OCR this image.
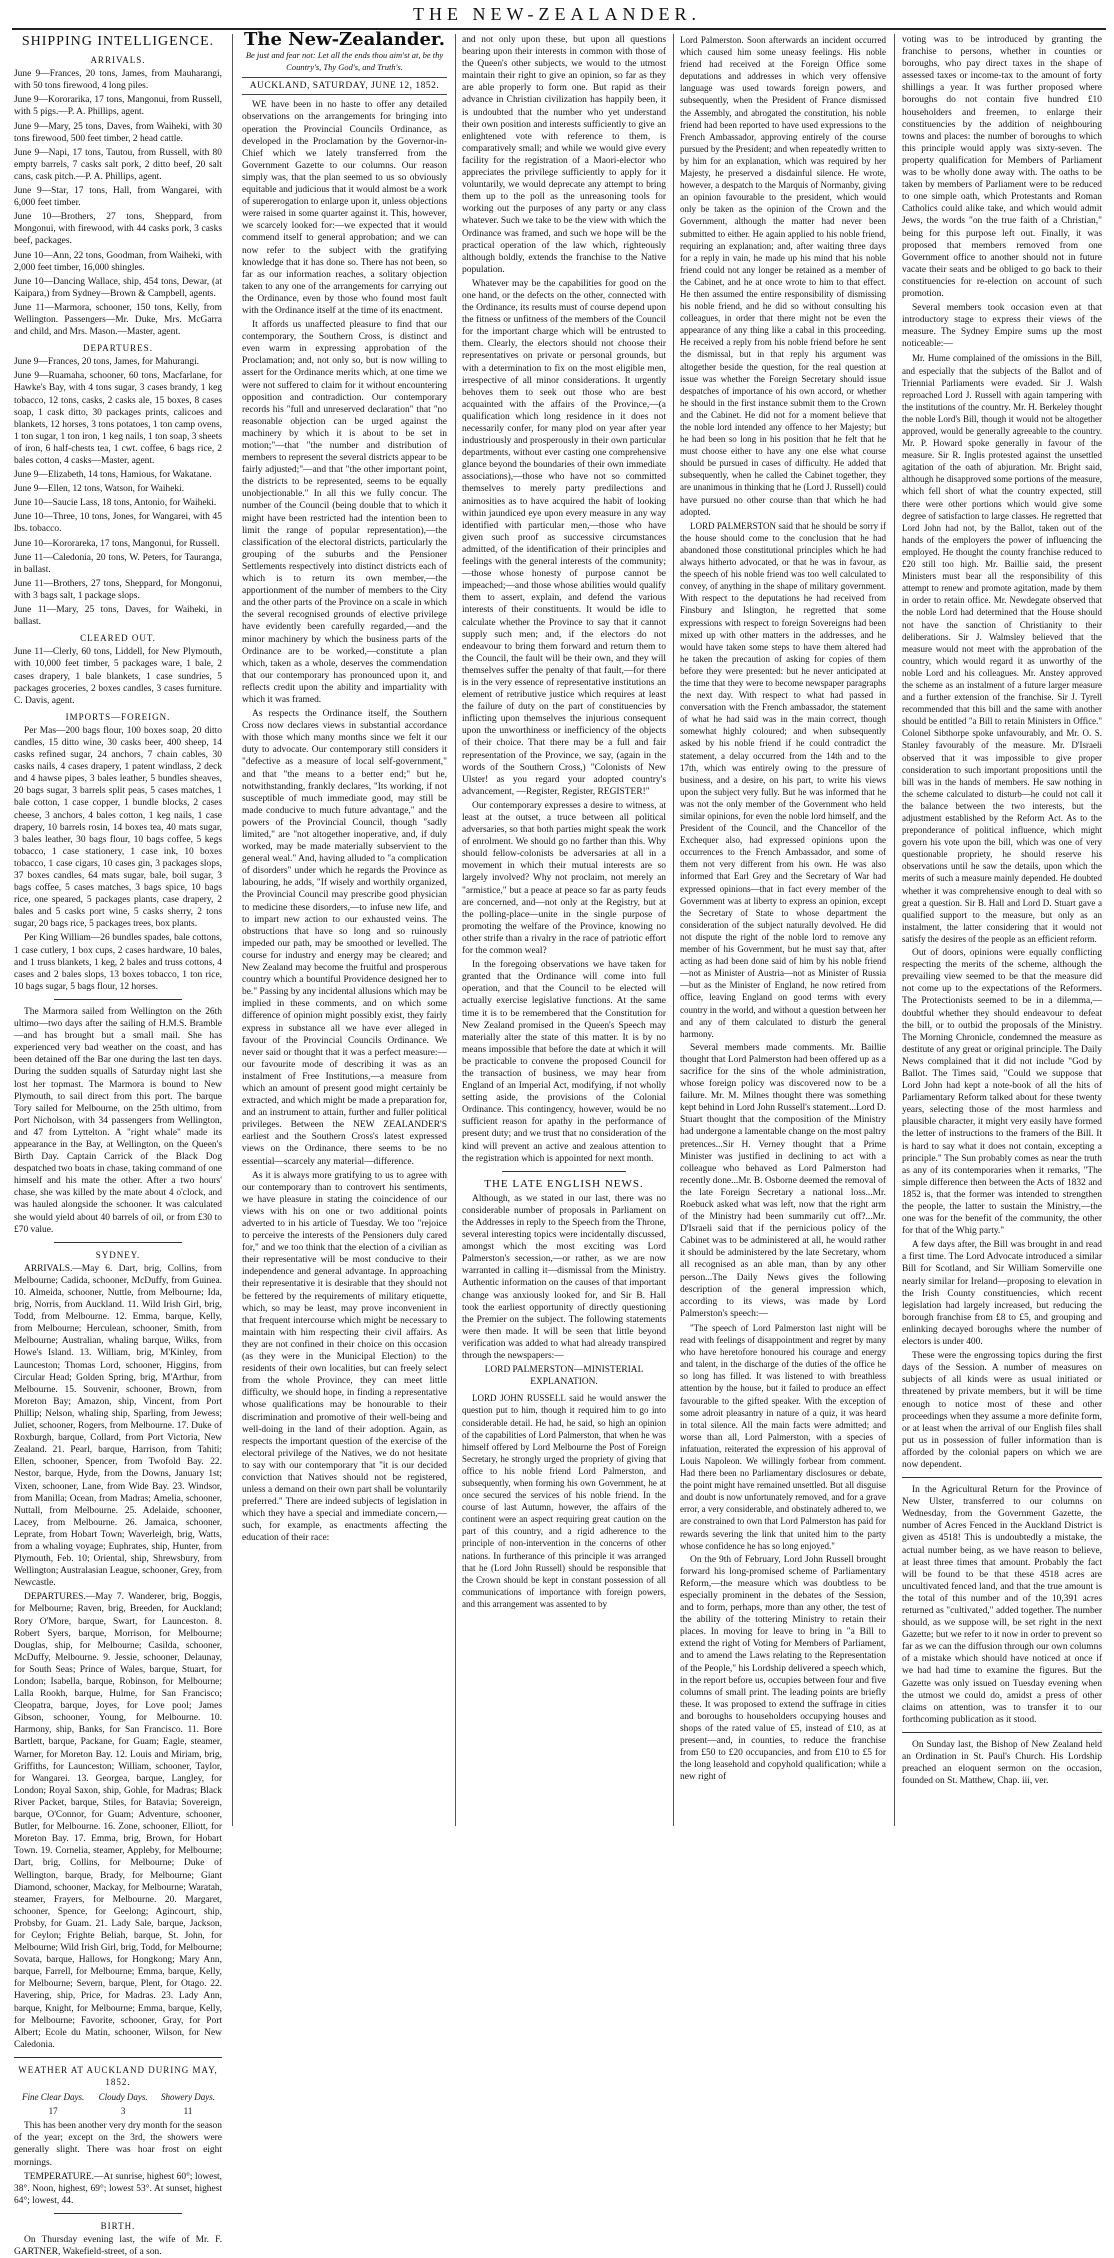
THE NEW-ZEALANDER.
SHIPPING INTELLIGENCE.
ARRIVALS.

June 9—Frances, 20 tons, James, from Mauharangi, with 50 tons firewood, 4 long piles.

June 9—Kororarika, 17 tons, Mangonui, from Russell, with 5 pigs.—P. A. Phillips, agent.

June 9—Mary, 25 tons, Daves, from Waiheki, with 30 tons firewood, 500 feet timber, 2 head cattle.

June 9—Napi, 17 tons, Tautou, from Russell, with 80 empty barrels, 7 casks salt pork, 2 ditto beef, 20 salt cans, cask pitch.—P. A. Phillips, agent.

June 9—Star, 17 tons, Hall, from Wangarei, with 6,000 feet timber.

June 10—Brothers, 27 tons, Sheppard, from Mongonui, with firewood, with 44 casks pork, 3 casks beef, packages.

June 10—Ann, 22 tons, Goodman, from Waiheki, with 2,000 feet timber, 16,000 shingles.

June 10—Dancing Wallace, ship, 454 tons, Dewar, (at Kaipara,) from Sydney—Brown & Campbell, agents.

June 11—Marmora, schooner, 150 tons, Kelly, from Wellington. Passengers—Mr. Duke, Mrs. McGarra and child, and Mrs. Mason.—Master, agent.

DEPARTURES.

June 9—Frances, 20 tons, James, for Mahurangi.

June 9—Ruamaha, schooner, 60 tons, Macfarlane, for Hawke's Bay, with 4 tons sugar, 3 cases brandy, 1 keg tobacco, 12 tons, casks, 2 casks ale, 15 boxes, 8 cases soap, 1 cask ditto, 30 packages prints, calicoes and blankets, 12 horses, 3 tons potatoes, 1 ton camp ovens, 1 ton sugar, 1 ton iron, 1 keg nails, 1 ton soap, 3 sheets of iron, 6 half-chests tea, 1 cwt. coffee, 6 bags rice, 2 bales cotton, 4 casks—Master, agent.

June 9—Elizabeth, 14 tons, Hamious, for Wakatane.

June 9—Ellen, 12 tons, Watson, for Waiheki.

June 10—Saucie Lass, 18 tons, Antonio, for Waiheki.

June 10—Three, 10 tons, Jones, for Wangarei, with 45 lbs. tobacco.

June 10—Kororareka, 17 tons, Mangonui, for Russell.

June 11—Caledonia, 20 tons, W. Peters, for Tauranga, in ballast.

June 11—Brothers, 27 tons, Sheppard, for Mongonui, with 3 bags salt, 1 package slops.

June 11—Mary, 25 tons, Daves, for Waiheki, in ballast.

CLEARED OUT.

June 11—Clerly, 60 tons, Liddell, for New Plymouth, with 10,000 feet timber, 5 packages ware, 1 bale, 2 cases drapery, 1 bale blankets, 1 case sundries, 5 packages groceries, 2 boxes candles, 3 cases furniture. C. Davis, agent.

IMPORTS—FOREIGN.

Per Mas—200 bags flour, 100 boxes soap, 20 ditto candles, 15 ditto wine, 30 casks beer, 400 sheep, 14 casks refined sugar, 24 anchors, 7 chain cables, 30 casks nails, 4 cases drapery, 1 patent windlass, 2 deck and 4 hawse pipes, 3 bales leather, 5 bundles sheaves, 20 bags sugar, 3 barrels split peas, 5 cases matches, 1 bale cotton, 1 case copper, 1 bundle blocks, 2 cases cheese, 3 anchors, 4 bales cotton, 1 keg nails, 1 case drapery, 10 barrels rosin, 14 boxes tea, 40 mats sugar, 3 bales leather, 30 bags flour, 10 bags coffee, 5 kegs tobacco, 1 case stationery, 1 case ink, 10 boxes tobacco, 1 case cigars, 10 cases gin, 3 packages slops, 37 boxes candles, 64 mats sugar, bale, boil sugar, 3 bags coffee, 5 cases matches, 3 bags spice, 10 bags rice, one speared, 5 packages plants, case drapery, 2 bales and 5 casks port wine, 5 casks sherry, 2 tons sugar, 20 bags rice, 5 packages trees, box plants.

Per King William—26 bundles spades, bale cottons, 1 case cutlery, 1 box cups, 2 cases hardware, 10 bales, and 1 truss blankets, 1 keg, 2 bales and truss cottons, 4 cases and 2 bales slops, 13 boxes tobacco, 1 ton rice, 10 bags sugar, 5 bags flour, 12 horses.

The Marmora sailed from Wellington on the 26th ultimo—two days after the sailing of H.M.S. Bramble —and has brought but a small mail. She has experienced very bad weather on the coast, and has been detained off the Bar one during the last ten days. During the sudden squalls of Saturday night last she lost her topmast. The Marmora is bound to New Plymouth, to sail direct from this port. The barque Tory sailed for Melbourne, on the 25th ultimo, from Port Nicholson, with 34 passengers from Wellington, and 47 from Lyttelton. A "right whale" made its appearance in the Bay, at Wellington, on the Queen's Birth Day. Captain Carrick of the Black Dog despatched two boats in chase, taking command of one himself and his mate the other. After a two hours' chase, she was killed by the mate about 4 o'clock, and was hauled alongside the schooner. It was calculated she would yield about 40 barrels of oil, or from £30 to £70 value.

SYDNEY.

ARRIVALS.—May 6. Dart, brig, Collins, from Melbourne; Cadida, schooner, McDuffy, from Guinea. 10. Almeida, schooner, Nuttle, from Melbourne; Ida, brig, Norris, from Auckland. 11. Wild Irish Girl, brig, Todd, from Melbourne. 12. Emma, barque, Kelly, from Melbourne; Herculean, schooner, Smith, from Melbourne; Australian, whaling barque, Wilks, from Howe's Island. 13. William, brig, M'Kinley, from Launceston; Thomas Lord, schooner, Higgins, from Circular Head; Golden Spring, brig, M'Arthur, from Melbourne. 15. Souvenir, schooner, Brown, from Moreton Bay; Amazon, ship, Vincent, from Port Phillip; Nelson, whaling ship, Sparling, from Jewess; Juliet, schooner, Rogers, from Melbourne. 17. Duke of Roxburgh, barque, Collard, from Port Victoria, New Zealand. 21. Pearl, barque, Harrison, from Tahiti; Ellen, schooner, Spencer, from Twofold Bay. 22. Nestor, barque, Hyde, from the Downs, January 1st; Vixen, schooner, Lane, from Wide Bay. 23. Windsor, from Manilla; Ocean, from Madras; Amelia, schooner, Nuttall, from Melbourne. 25. Adelaide, schooner, Lacey, from Melbourne. 26. Jamaica, schooner, Leprate, from Hobart Town; Waverleigh, brig, Watts, from a whaling voyage; Euphrates, ship, Hunter, from Plymouth, Feb. 10; Oriental, ship, Shrewsbury, from Wellington; Australasian League, schooner, Grey, from Newcastle.

DEPARTURES.—May 7. Wanderer, brig, Boggis, for Melbourne; Raven, brig, Breeden, for Auckland; Rory O'More, barque, Swart, for Launceston. 8. Robert Syers, barque, Morrison, for Melbourne; Douglas, ship, for Melbourne; Casilda, schooner, McDuffy, Melbourne. 9. Jessie, schooner, Delaunay, for South Seas; Prince of Wales, barque, Stuart, for London; Isabella, barque, Robinson, for Melbourne; Lalla Rookh, barque, Hulme, for San Francisco; Cleopatra, barque, Joyes, for Love pool; James Gibson, schooner, Young, for Melbourne. 10. Harmony, ship, Banks, for San Francisco. 11. Bore Bartlett, barque, Packane, for Guam; Eagle, steamer, Warner, for Moreton Bay. 12. Louis and Miriam, brig, Griffiths, for Launceston; William, schooner, Taylor, for Wangarei. 13. Georgea, barque, Langley, for London; Royal Saxon, ship, Gohle, for Madras; Black River Packet, barque, Stiles, for Batavia; Sovereign, barque, O'Connor, for Guam; Adventure, schooner, Butler, for Melbourne. 16. Zone, schooner, Elliott, for Moreton Bay. 17. Emma, brig, Brown, for Hobart Town. 19. Cornelia, steamer, Appleby, for Melbourne; Dart, brig, Collins, for Melbourne; Duke of Wellington, barque, Brady, for Melbourne; Giant Diamond, schooner, Mackay, for Melbourne; Waratah, steamer, Frayers, for Melbourne. 20. Margaret, schooner, Spence, for Geelong; Agincourt, ship, Probsby, for Guam. 21. Lady Sale, barque, Jackson, for Ceylon; Frighte Beliah, barque, St. John, for Melbourne; Wild Irish Girl, brig, Todd, for Melbourne; Sovata, barque, Hallows, for Hongkong; Mary Ann, barque, Farrell, for Melbourne; Emma, barque, Kelly, for Melbourne; Severn, barque, Plent, for Otago. 22. Havering, ship, Price, for Madras. 23. Lady Ann, barque, Knight, for Melbourne; Emma, barque, Kelly, for Melbourne; Favorite, schooner, Gray, for Port Albert; Ecole du Matin, schooner, Wilson, for New Caledonia.

WEATHER AT AUCKLAND DURING MAY, 1852.
Fine Clear Days.	Cloudy Days.	Showery Days.
17	3	11

This has been another very dry month for the season of the year; except on the 3rd, the showers were generally slight. There was hoar frost on eight mornings.

TEMPERATURE.—At sunrise, highest 60°; lowest, 38°. Noon, highest, 69°; lowest 53°. At sunset, highest 64°; lowest, 44.

BIRTH.

On Thursday evening last, the wife of Mr. F. GARTNER, Wakefield-street, of a son.

The New-Zealander.

Be just and fear not: Let all the ends thou aim'st at, be thy Country's, Thy God's, and Truth's.

AUCKLAND, SATURDAY, JUNE 12, 1852.

WE have been in no haste to offer any detailed observations on the arrangements for bringing into operation the Provincial Councils Ordinance, as developed in the Proclamation by the Governor-in-Chief which we lately transferred from the Government Gazette to our columns. Our reason simply was, that the plan seemed to us so obviously equitable and judicious that it would almost be a work of supererogation to enlarge upon it, unless objections were raised in some quarter against it. This, however, we scarcely looked for:—we expected that it would commend itself to general approbation; and we can now refer to the subject with the gratifying knowledge that it has done so. There has not been, so far as our information reaches, a solitary objection taken to any one of the arrangements for carrying out the Ordinance, even by those who found most fault with the Ordinance itself at the time of its enactment.

It affords us unaffected pleasure to find that our contemporary, the Southern Cross, is distinct and even warm in expressing approbation of the Proclamation; and, not only so, but is now willing to assert for the Ordinance merits which, at one time we were not suffered to claim for it without encountering opposition and contradiction. Our contemporary records his "full and unreserved declaration" that "no reasonable objection can be urged against the machinery by which it is about to be set in motion;"—that "the number and distribution of members to represent the several districts appear to be fairly adjusted;"—and that "the other important point, the districts to be represented, seems to be equally unobjectionable." In all this we fully concur. The number of the Council (being double that to which it might have been restricted had the intention been to limit the range of popular representation),—the classification of the electoral districts, particularly the grouping of the suburbs and the Pensioner Settlements respectively into distinct districts each of which is to return its own member,—the apportionment of the number of members to the City and the other parts of the Province on a scale in which the several recognised grounds of elective privilege have evidently been carefully regarded,—and the minor machinery by which the business parts of the Ordinance are to be worked,—constitute a plan which, taken as a whole, deserves the commendation that our contemporary has pronounced upon it, and reflects credit upon the ability and impartiality with which it was framed.

As respects the Ordinance itself, the Southern Cross now declares views in substantial accordance with those which many months since we felt it our duty to advocate. Our contemporary still considers it "defective as a measure of local self-government," and that "the means to a better end;" but he, notwithstanding, frankly declares, "Its working, if not susceptible of much immediate good, may still be made conducive to much future advantage," and the powers of the Provincial Council, though "sadly limited," are "not altogether inoperative, and, if duly worked, may be made materially subservient to the general weal." And, having alluded to "a complication of disorders" under which he regards the Province as labouring, he adds, "If wisely and worthily organized, the Provincial Council may prescribe good physician to medicine these disorders,—to infuse new life, and to impart new action to our exhausted veins. The obstructions that have so long and so ruinously impeded our path, may be smoothed or levelled. The course for industry and energy may be cleared; and New Zealand may become the fruitful and prosperous country which a bountiful Providence designed her to be." Passing by any incidental allusions which may be implied in these comments, and on which some difference of opinion might possibly exist, they fairly express in substance all we have ever alleged in favour of the Provincial Councils Ordinance. We never said or thought that it was a perfect measure:—our favourite mode of describing it was as an instalment of Free Institutions,—a measure from which an amount of present good might certainly be extracted, and which might be made a preparation for, and an instrument to attain, further and fuller political privileges. Between the NEW ZEALANDER'S earliest and the Southern Cross's latest expressed views on the Ordinance, there seems to be no essential—scarcely any material—difference.

As it is always more gratifying to us to agree with our contemporary than to controvert his sentiments, we have pleasure in stating the coincidence of our views with his on one or two additional points adverted to in his article of Tuesday. We too "rejoice to perceive the interests of the Pensioners duly cared for," and we too think that the election of a civilian as their representative will be most conducive to their independence and general advantage. In approaching their representative it is desirable that they should not be fettered by the requirements of military etiquette, which, so may be least, may prove inconvenient in that frequent intercourse which might be necessary to maintain with him respecting their civil affairs. As they are not confined in their choice on this occasion (as they were in the Municipal Election) to the residents of their own localities, but can freely select from the whole Province, they can meet little difficulty, we should hope, in finding a representative whose qualifications may be honourable to their discrimination and promotive of their well-being and well-doing in the land of their adoption. Again, as respects the important question of the exercise of the electoral privilege of the Natives, we do not hesitate to say with our contemporary that "it is our decided conviction that Natives should not be registered, unless a demand on their own part shall be voluntarily preferred." There are indeed subjects of legislation in which they have a special and immediate concern,—such, for example, as enactments affecting the education of their race:

and not only upon these, but upon all questions bearing upon their interests in common with those of the Queen's other subjects, we would to the utmost maintain their right to give an opinion, so far as they are able properly to form one. But rapid as their advance in Christian civilization has happily been, it is undoubted that the number who yet understand their own position and interests sufficiently to give an enlightened vote with reference to them, is comparatively small; and while we would give every facility for the registration of a Maori-elector who appreciates the privilege sufficiently to apply for it voluntarily, we would deprecate any attempt to bring them up to the poll as the unreasoning tools for working out the purposes of any party or any class whatever. Such we take to be the view with which the Ordinance was framed, and such we hope will be the practical operation of the law which, righteously although boldly, extends the franchise to the Native population.

Whatever may be the capabilities for good on the one hand, or the defects on the other, connected with the Ordinance, its results must of course depend upon the fitness or unfitness of the members of the Council for the important charge which will be entrusted to them. Clearly, the electors should not choose their representatives on private or personal grounds, but with a determination to fix on the most eligible men, irrespective of all minor considerations. It urgently behoves them to seek out those who are best acquainted with the affairs of the Province,—(a qualification which long residence in it does not necessarily confer, for many plod on year after year industriously and prosperously in their own particular departments, without ever casting one comprehensive glance beyond the boundaries of their own immediate associations),—those who have not so committed themselves to merely party predilections and animosities as to have acquired the habit of looking within jaundiced eye upon every measure in any way identified with particular men,—those who have given such proof as successive circumstances admitted, of the identification of their principles and feelings with the general interests of the community;—those whose honesty of purpose cannot be impeached;—and those whose abilities would qualify them to assert, explain, and defend the various interests of their constituents. It would be idle to calculate whether the Province to say that it cannot supply such men; and, if the electors do not endeavour to bring them forward and return them to the Council, the fault will be their own, and they will themselves suffer the penalty of that fault,—for there is in the very essence of representative institutions an element of retributive justice which requires at least the failure of duty on the part of constituencies by inflicting upon themselves the injurious consequent upon the unworthiness or inefficiency of the objects of their choice. That there may be a full and fair representation of the Province, we say, (again in the words of the Southern Cross,) "Colonists of New Ulster! as you regard your adopted country's advancement, —Register, Register, REGISTER!"

Our contemporary expresses a desire to witness, at least at the outset, a truce between all political adversaries, so that both parties might speak the work of enrolment. We should go no farther than this. Why should fellow-colonists be adversaries at all in a movement in which their mutual interests are so largely involved? Why not proclaim, not merely an "armistice," but a peace at peace so far as party feuds are concerned, and—not only at the Registry, but at the polling-place—unite in the single purpose of promoting the welfare of the Province, knowing no other strife than a rivalry in the race of patriotic effort for the common weal?

In the foregoing observations we have taken for granted that the Ordinance will come into full operation, and that the Council to be elected will actually exercise legislative functions. At the same time it is to be remembered that the Constitution for New Zealand promised in the Queen's Speech may materially alter the state of this matter. It is by no means impossible that before the date at which it will be practicable to convene the proposed Council for the transaction of business, we may hear from England of an Imperial Act, modifying, if not wholly setting aside, the provisions of the Colonial Ordinance. This contingency, however, would be no sufficient reason for apathy in the performance of present duty; and we trust that no consideration of the kind will prevent an active and zealous attention to the registration which is appointed for next month.

THE LATE ENGLISH NEWS.

Although, as we stated in our last, there was no considerable number of proposals in Parliament on the Addresses in reply to the Speech from the Throne, several interesting topics were incidentally discussed, amongst which the most exciting was Lord Palmerston's secession,—or rather, as we are now warranted in calling it—dismissal from the Ministry. Authentic information on the causes of that important change was anxiously looked for, and Sir B. Hall took the earliest opportunity of directly questioning the Premier on the subject. The following statements were then made. It will be seen that little beyond verification was added to what had already transpired through the newspapers:—

LORD PALMERSTON—MINISTERIAL EXPLANATION.

LORD JOHN RUSSELL said he would answer the question put to him, though it required him to go into considerable detail. He had, he said, so high an opinion of the capabilities of Lord Palmerston, that when he was himself offered by Lord Melbourne the Post of Foreign Secretary, he strongly urged the propriety of giving that office to his noble friend Lord Palmerston, and subsequently, when forming his own Government, he at once secured the services of his noble friend. In the course of last Autumn, however, the affairs of the continent were an aspect requiring great caution on the part of this country, and a rigid adherence to the principle of non-intervention in the concerns of other nations. In furtherance of this principle it was arranged that he (Lord John Russell) should be responsible that the Crown should be kept in constant possession of all communications of importance with foreign powers, and this arrangement was assented to by

Lord Palmerston. Soon afterwards an incident occurred which caused him some uneasy feelings. His noble friend had received at the Foreign Office some deputations and addresses in which very offensive language was used towards foreign powers, and subsequently, when the President of France dismissed the Assembly, and abrogated the constitution, his noble friend had been reported to have used expressions to the French Ambassador, approving entirely of the course pursued by the President; and when repeatedly written to by him for an explanation, which was required by her Majesty, he preserved a disdainful silence. He wrote, however, a despatch to the Marquis of Normanby, giving an opinion favourable to the president, which would only be taken as the opinion of the Crown and the Government, although the matter had never been submitted to either. He again applied to his noble friend, requiring an explanation; and, after waiting three days for a reply in vain, he made up his mind that his noble friend could not any longer be retained as a member of the Cabinet, and he at once wrote to him to that effect. He then assumed the entire responsibility of dismissing his noble friend, and he did so without consulting his colleagues, in order that there might not be even the appearance of any thing like a cabal in this proceeding. He received a reply from his noble friend before he sent the dismissal, but in that reply his argument was altogether beside the question, for the real question at issue was whether the Foreign Secretary should issue despatches of importance of his own accord, or whether he should in the first instance submit them to the Crown and the Cabinet. He did not for a moment believe that the noble lord intended any offence to her Majesty; but he had been so long in his position that he felt that he must choose either to have any one else what course should be pursued in cases of difficulty. He added that subsequently, when he called the Cabinet together, they are unanimous in thinking that he (Lord J. Russell) could have pursued no other course than that which he had adopted.

LORD PALMERSTON said that he should be sorry if the house should come to the conclusion that he had abandoned those constitutional principles which he had always hitherto advocated, or that he was in favour, as the speech of his noble friend was too well calculated to convey, of anything in the shape of military government. With respect to the deputations he had received from Finsbury and Islington, he regretted that some expressions with respect to foreign Sovereigns had been mixed up with other matters in the addresses, and he would have taken some steps to have them altered had he taken the precaution of asking for copies of them before they were presented: but he never anticipated at the time that they were to become newspaper paragraphs the next day. With respect to what had passed in conversation with the French ambassador, the statement of what he had said was in the main correct, though somewhat highly coloured; and when subsequently asked by his noble friend if he could contradict the statement, a delay occurred from the 14th and to the 17th, which was entirely owing to the pressure of business, and a desire, on his part, to write his views upon the subject very fully. But he was informed that he was not the only member of the Government who held similar opinions, for even the noble lord himself, and the President of the Council, and the Chancellor of the Exchequer also, had expressed opinions upon the occurrences to the French Ambassador, and some of them not very different from his own. He was also informed that Earl Grey and the Secretary of War had expressed opinions—that in fact every member of the Government was at liberty to express an opinion, except the Secretary of State to whose department the consideration of the subject naturally devolved. He did not dispute the right of the noble lord to remove any member of his Government, but he must say that, after acting as had been done said of him by his noble friend—not as Minister of Austria—not as Minister of Russia—but as the Minister of England, he now retired from office, leaving England on good terms with every country in the world, and without a question between her and any of them calculated to disturb the general harmony.

Several members made comments. Mr. Baillie thought that Lord Palmerston had been offered up as a sacrifice for the sins of the whole administration, whose foreign policy was discovered now to be a failure. Mr. M. Milnes thought there was something kept behind in Lord John Russell's statement...Lord D. Stuart thought that the composition of the Ministry had undergone a lamentable change on the most paltry pretences...Sir H. Verney thought that a Prime Minister was justified in declining to act with a colleague who behaved as Lord Palmerston had recently done...Mr. B. Osborne deemed the removal of the late Foreign Secretary a national loss...Mr. Roebuck asked what was left, now that the right arm of the Ministry had been summarily cut off?...Mr. D'Israeli said that if the pernicious policy of the Cabinet was to be administered at all, he would rather it should be administered by the late Secretary, whom all recognised as an able man, than by any other person...The Daily News gives the following description of the general impression which, according to its views, was made by Lord Palmerston's speech:—

"The speech of Lord Palmerston last night will be read with feelings of disappointment and regret by many who have heretofore honoured his courage and energy and talent, in the discharge of the duties of the office he so long has filled. It was listened to with breathless attention by the house, but it failed to produce an effect favourable to the gifted speaker. With the exception of some adroit pleasantry in nature of a quiz, it was heard in total silence. All the main facts were admitted; and worse than all, Lord Palmerston, with a species of infatuation, reiterated the expression of his approval of Louis Napoleon. We willingly forbear from comment. Had there been no Parliamentary disclosures or debate, the point might have remained unsettled. But all disguise and doubt is now unfortunately removed, and for a grave error, a very considerable, and obstinately adhered to, we are constrained to own that Lord Palmerston has paid for rewards severing the link that united him to the party whose confidence he has so long enjoyed."

On the 9th of February, Lord John Russell brought forward his long-promised scheme of Parliamentary Reform,—the measure which was doubtless to be especially prominent in the debates of the Session, and to form, perhaps, more than any other, the test of the ability of the tottering Ministry to retain their places. In moving for leave to bring in "a Bill to extend the right of Voting for Members of Parliament, and to amend the Laws relating to the Representation of the People," his Lordship delivered a speech which, in the report before us, occupies between four and five columns of small print. The leading points are briefly these. It was proposed to extend the suffrage in cities and boroughs to householders occupying houses and shops of the rated value of £5, instead of £10, as at present—and, in counties, to reduce the franchise from £50 to £20 occupancies, and from £10 to £5 for the long leasehold and copyhold qualification; while a new right of

voting was to be introduced by granting the franchise to persons, whether in counties or boroughs, who pay direct taxes in the shape of assessed taxes or income-tax to the amount of forty shillings a year. It was further proposed where boroughs do not contain five hundred £10 householders and freemen, to enlarge their constituencies by the addition of neighbouring towns and places: the number of boroughs to which this principle would apply was sixty-seven. The property qualification for Members of Parliament was to be wholly done away with. The oaths to be taken by members of Parliament were to be reduced to one simple oath, which Protestants and Roman Catholics could alike take, and which would admit Jews, the words "on the true faith of a Christian," being for this purpose left out. Finally, it was proposed that members removed from one Government office to another should not in future vacate their seats and be obliged to go back to their constituencies for re-election on account of such promotion.

Several members took occasion even at that introductory stage to express their views of the measure. The Sydney Empire sums up the most noticeable:—

Mr. Hume complained of the omissions in the Bill, and especially that the subjects of the Ballot and of Triennial Parliaments were evaded. Sir J. Walsh reproached Lord J. Russell with again tampering with the institutions of the country. Mr. H. Berkeley thought the noble Lord's Bill, though it would not be altogether approved, would be generally agreeable to the country. Mr. P. Howard spoke generally in favour of the measure. Sir R. Inglis protested against the unsettled agitation of the oath of abjuration. Mr. Bright said, although he disapproved some portions of the measure, which fell short of what the country expected, still there were other portions which would give some degree of satisfaction to large classes. He regretted that Lord John had not, by the Ballot, taken out of the hands of the employers the power of influencing the employed. He thought the county franchise reduced to £20 still too high. Mr. Baillie said, the present Ministers must bear all the responsibility of this attempt to renew and promote agitation, made by them in order to retain office. Mr. Newdegate observed that the noble Lord had determined that the House should not have the sanction of Christianity to their deliberations. Sir J. Walmsley believed that the measure would not meet with the approbation of the country, which would regard it as unworthy of the noble Lord and his colleagues. Mr. Anstey approved the scheme as an instalment of a future larger measure and a further extension of the franchise. Sir J. Tyrell recommended that this bill and the same with another should be entitled "a Bill to retain Ministers in Office." Colonel Sibthorpe spoke unfavourably, and Mr. O. S. Stanley favourably of the measure. Mr. D'Israeli observed that it was impossible to give proper consideration to such important propositions until the bill was in the hands of members. He saw nothing in the scheme calculated to disturb—he could not call it the balance between the two interests, but the adjustment established by the Reform Act. As to the preponderance of political influence, which might govern his vote upon the bill, which was one of very questionable propriety, he should reserve his observations until he saw the details, upon which the merits of such a measure mainly depended. He doubted whether it was comprehensive enough to deal with so great a question. Sir B. Hall and Lord D. Stuart gave a qualified support to the measure, but only as an instalment, the latter considering that it would not satisfy the desires of the people as an efficient reform.

Out of doors, opinions were equally conflicting respecting the merits of the scheme, although the prevailing view seemed to be that the measure did not come up to the expectations of the Reformers. The Protectionists seemed to be in a dilemma,—doubtful whether they should endeavour to defeat the bill, or to outbid the proposals of the Ministry. The Morning Chronicle, condemned the measure as destitute of any great or original principle. The Daily News complained that it did not include "God by Ballot. The Times said, "Could we suppose that Lord John had kept a note-book of all the hits of Parliamentary Reform talked about for these twenty years, selecting those of the most harmless and plausible character, it might very easily have formed the letter of instructions to the framers of the Bill. It is hard to say what it does not contain, excepting a principle." The Sun probably comes as near the truth as any of its contemporaries when it remarks, "The simple difference then between the Acts of 1832 and 1852 is, that the former was intended to strengthen the people, the latter to sustain the Ministry,—the one was for the benefit of the community, the other for that of the Whig party."

A few days after, the Bill was brought in and read a first time. The Lord Advocate introduced a similar Bill for Scotland, and Sir William Somerville one nearly similar for Ireland—proposing to elevation in the Irish County constituencies, which recent legislation had largely increased, but reducing the borough franchise from £8 to £5, and grouping and enlinking decayed boroughs where the number of electors is under 400.

These were the engrossing topics during the first days of the Session. A number of measures on subjects of all kinds were as usual initiated or threatened by private members, but it will be time enough to notice most of these and other proceedings when they assume a more definite form, or at least when the arrival of our English files shall put us in possession of fuller information than is afforded by the colonial papers on which we are now dependent.

In the Agricultural Return for the Province of New Ulster, transferred to our columns on Wednesday, from the Government Gazette, the number of Acres Fenced in the Auckland District is given as 4518! This is undoubtedly a mistake, the actual number being, as we have reason to believe, at least three times that amount. Probably the fact will be found to be that these 4518 acres are uncultivated fenced land, and that the true amount is the total of this number and of the 10,391 acres returned as "cultivated," added together. The number should, as we suppose will, be set right in the next Gazette; but we refer to it now in order to prevent so far as we can the diffusion through our own columns of a mistake which should have noticed at once if we had had time to examine the figures. But the Gazette was only issued on Tuesday evening when the utmost we could do, amidst a press of other claims on attention, was to transfer it to our forthcoming publication as it stood.

On Sunday last, the Bishop of New Zealand held an Ordination in St. Paul's Church. His Lordship preached an eloquent sermon on the occasion, founded on St. Matthew, Chap. iii, ver.
